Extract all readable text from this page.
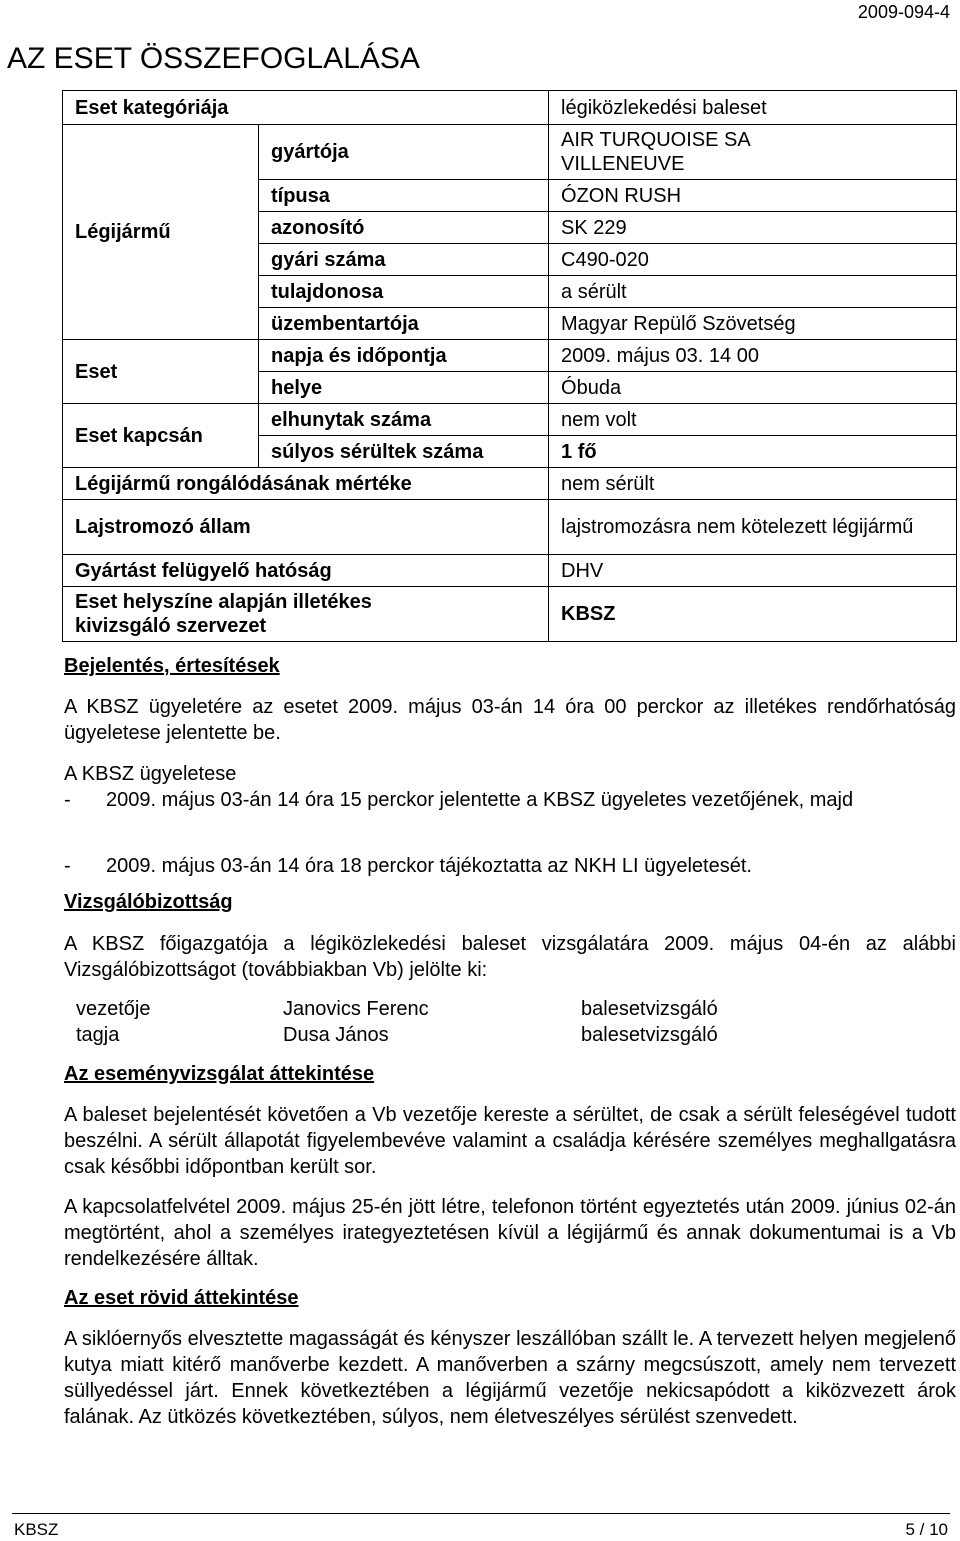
2009-094-4
AZ ESET ÖSSZEFOGLALÁSA
Eset kategóriája		légiközlekedési baleset
Légijármű	gyártója	AIR TURQUOISE SA VILLENEUVE
	típusa	ÓZON RUSH
	azonosító	SK 229
	gyári száma	C490-020
	tulajdonosa	a sérült
	üzembentartója	Magyar Repülő Szövetség
Eset	napja és időpontja	2009. május 03. 14 00
	helye	Óbuda
Eset kapcsán	elhunytak száma	nem volt
	súlyos sérültek száma	1 fő
Légijármű rongálódásának mértéke		nem sérült
Lajstromozó állam		lajstromozásra nem kötelezett légijármű
Gyártást felügyelő hatóság		DHV
Eset helyszíne alapján illetékes kivizsgáló szervezet		KBSZ
Bejelentés, értesítések
A KBSZ ügyeletére az esetet 2009. május 03-án 14 óra 00 perckor az illetékes rendőrhatóság ügyeletese jelentette be.
A KBSZ ügyeletese
- 2009. május 03-án 14 óra 15 perckor jelentette a KBSZ ügyeletes vezetőjének, majd
- 2009. május 03-án 14 óra 18 perckor tájékoztatta az NKH LI ügyeletesét.
Vizsgálóbizottság
A KBSZ főigazgatója a légiközlekedési baleset vizsgálatára 2009. május 04-én az alábbi Vizsgálóbizottságot (továbbiakban Vb) jelölte ki:
vezetője	Janovics Ferenc	balesetvizsgáló
tagja	Dusa János	balesetvizsgáló
Az eseményvizsgálat áttekintése
A baleset bejelentését követően a Vb vezetője kereste a sérültet, de csak a sérült feleségével tudott beszélni. A sérült állapotát figyelembevéve valamint a családja kérésére személyes meghallgatásra csak későbbi időpontban került sor.
A kapcsolatfelvétel 2009. május 25-én jött létre, telefonon történt egyeztetés után 2009. június 02-án megtörtént, ahol a személyes irategyeztetésen kívül a légijármű és annak dokumentumai is a Vb rendelkezésére álltak.
Az eset rövid áttekintése
A siklóernyős elvesztette magasságát és kényszer leszállóban szállt le. A tervezett helyen megjelenő kutya miatt kitérő manőverbe kezdett. A manőverben a szárny megcsúszott, amely nem tervezett süllyedéssel járt. Ennek következtében a légijármű vezetője nekicsapódott a kiközvezett árok falának. Az ütközés következtében, súlyos, nem életveszélyes sérülést szenvedett.
KBSZ	5 / 10
